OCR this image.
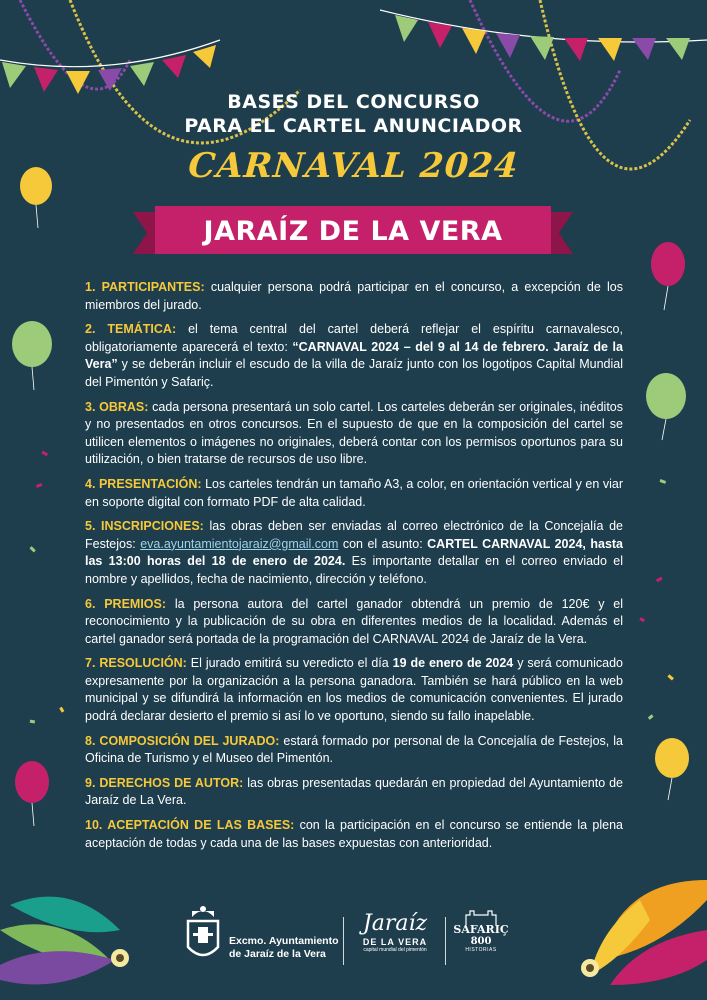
BASES DEL CONCURSO
PARA EL CARTEL ANUNCIADOR
CARNAVAL 2024
JARAÍZ DE LA VERA

1. PARTICIPANTES: cualquier persona podrá participar en el concurso, a excepción de los miembros del jurado.

2. TEMÁTICA: el tema central del cartel deberá reflejar el espíritu carnavalesco, obligatoriamente aparecerá el texto: “CARNAVAL 2024 – del 9 al 14 de febrero. Jaraíz de la Vera” y se deberán incluir el escudo de la villa de Jaraíz junto con los logotipos Capital Mundial del Pimentón y Safariç.

3. OBRAS: cada persona presentará un solo cartel. Los carteles deberán ser originales, inéditos y no presentados en otros concursos. En el supuesto de que en la composición del cartel se utilicen elementos o imágenes no originales, deberá contar con los permisos oportunos para su utilización, o bien tratarse de recursos de uso libre.

4. PRESENTACIÓN: Los carteles tendrán un tamaño A3, a color, en orientación vertical y en viar en soporte digital con formato PDF de alta calidad.

5. INSCRIPCIONES: las obras deben ser enviadas al correo electrónico de la Concejalía de Festejos: eva.ayuntamientojaraiz@gmail.com con el asunto: CARTEL CARNAVAL 2024, hasta las 13:00 horas del 18 de enero de 2024. Es importante detallar en el correo enviado el nombre y apellidos, fecha de nacimiento, dirección y teléfono.

6. PREMIOS: la persona autora del cartel ganador obtendrá un premio de 120€ y el reconocimiento y la publicación de su obra en diferentes medios de la localidad. Además el cartel ganador será portada de la programación del CARNAVAL 2024 de Jaraíz de la Vera.

7. RESOLUCIÓN: El jurado emitirá su veredicto el día 19 de enero de 2024 y será comunicado expresamente por la organización a la persona ganadora. También se hará público en la web municipal y se difundirá la información en los medios de comunicación convenientes. El jurado podrá declarar desierto el premio si así lo ve oportuno, siendo su fallo inapelable.

8. COMPOSICIÓN DEL JURADO: estará formado por personal de la Concejalía de Festejos, la Oficina de Turismo y el Museo del Pimentón.

9. DERECHOS DE AUTOR: las obras presentadas quedarán en propiedad del Ayuntamiento de Jaraíz de La Vera.

10. ACEPTACIÓN DE LAS BASES: con la participación en el concurso se entiende la plena aceptación de todas y cada una de las bases expuestas con anterioridad.

Excmo. Ayuntamiento
de Jaraíz de la Vera
Jaraíz
DE LA VERA
capital mundial del pimentón
SAFARIÇ
800
HISTORIAS
